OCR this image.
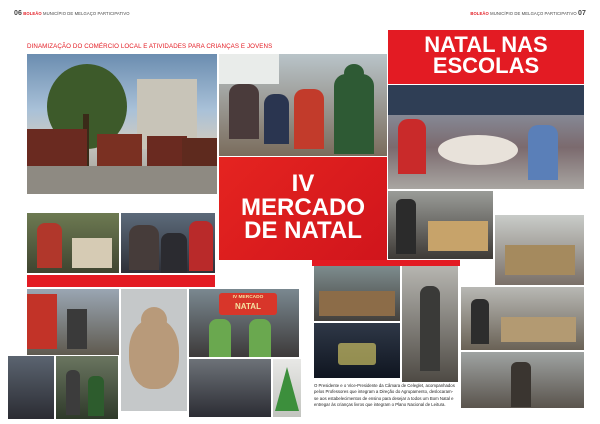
06 BOLEÃO MUNICÍPIO DE MELGAÇO PARTICIPATIVO	BOLEÃO MUNICÍPIO DE MELGAÇO PARTICIPATIVO 07
DINAMIZAÇÃO DO COMÉRCIO LOCAL E ATIVIDADES PARA CRIANÇAS E JOVENS
IV
MERCADO
DE NATAL
IV MERCADO
NATAL
NATAL NAS
ESCOLAS
O Presidente e o Vice-Presidente da Câmara de Celeglet, acompanhados pelos Professores que integram a Direção do Agrupamento, deslocaram-se aos estabelecimentos de ensino para desejar a todos um Bom Natal e entregar às crianças livros que integram o Plano Nacional de Leitura.
